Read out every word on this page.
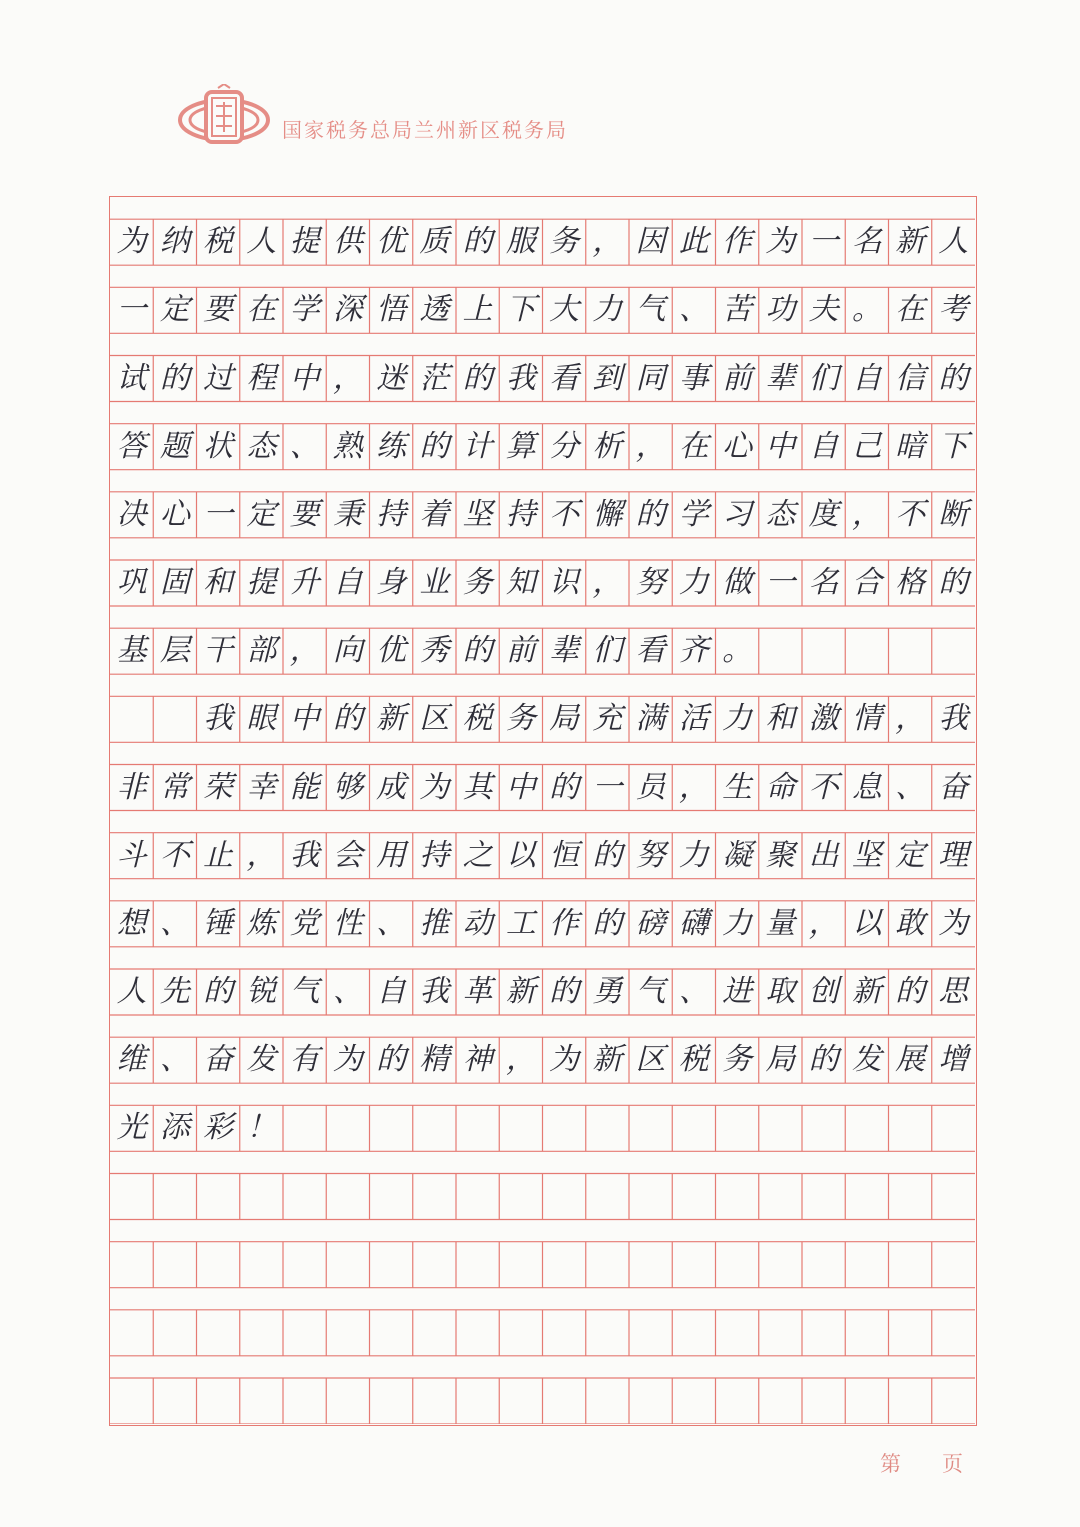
国家税务总局兰州新区税务局
为 纳 税 人 提 供 优 质 的 服 务 ， 因 此 作 为 一 名 新 人
一 定 要 在 学 深 悟 透 上 下 大 力 气 、 苦 功 夫 。 在 考
试 的 过 程 中 ， 迷 茫 的 我 看 到 同 事 前 辈 们 自 信 的
答 题 状 态 、 熟 练 的 计 算 分 析 ， 在 心 中 自 己 暗 下
决 心 一 定 要 秉 持 着 坚 持 不 懈 的 学 习 态 度 ， 不 断
巩 固 和 提 升 自 身 业 务 知 识 ， 努 力 做 一 名 合 格 的
基 层 干 部 ， 向 优 秀 的 前 辈 们 看 齐 。

我 眼 中 的 新 区 税 务 局 充 满 活 力 和 激 情 ， 我
非 常 荣 幸 能 够 成 为 其 中 的 一 员 ， 生 命 不 息 、 奋
斗 不 止 ， 我 会 用 持 之 以 恒 的 努 力 凝 聚 出 坚 定 理
想 、 锤 炼 党 性 、 推 动 工 作 的 磅 礴 力 量 ， 以 敢 为
人 先 的 锐 气 、 自 我 革 新 的 勇 气 、 进 取 创 新 的 思
维 、 奋 发 有 为 的 精 神 ， 为 新 区 税 务 局 的 发 展 增
光 添 彩 ！
第 页
